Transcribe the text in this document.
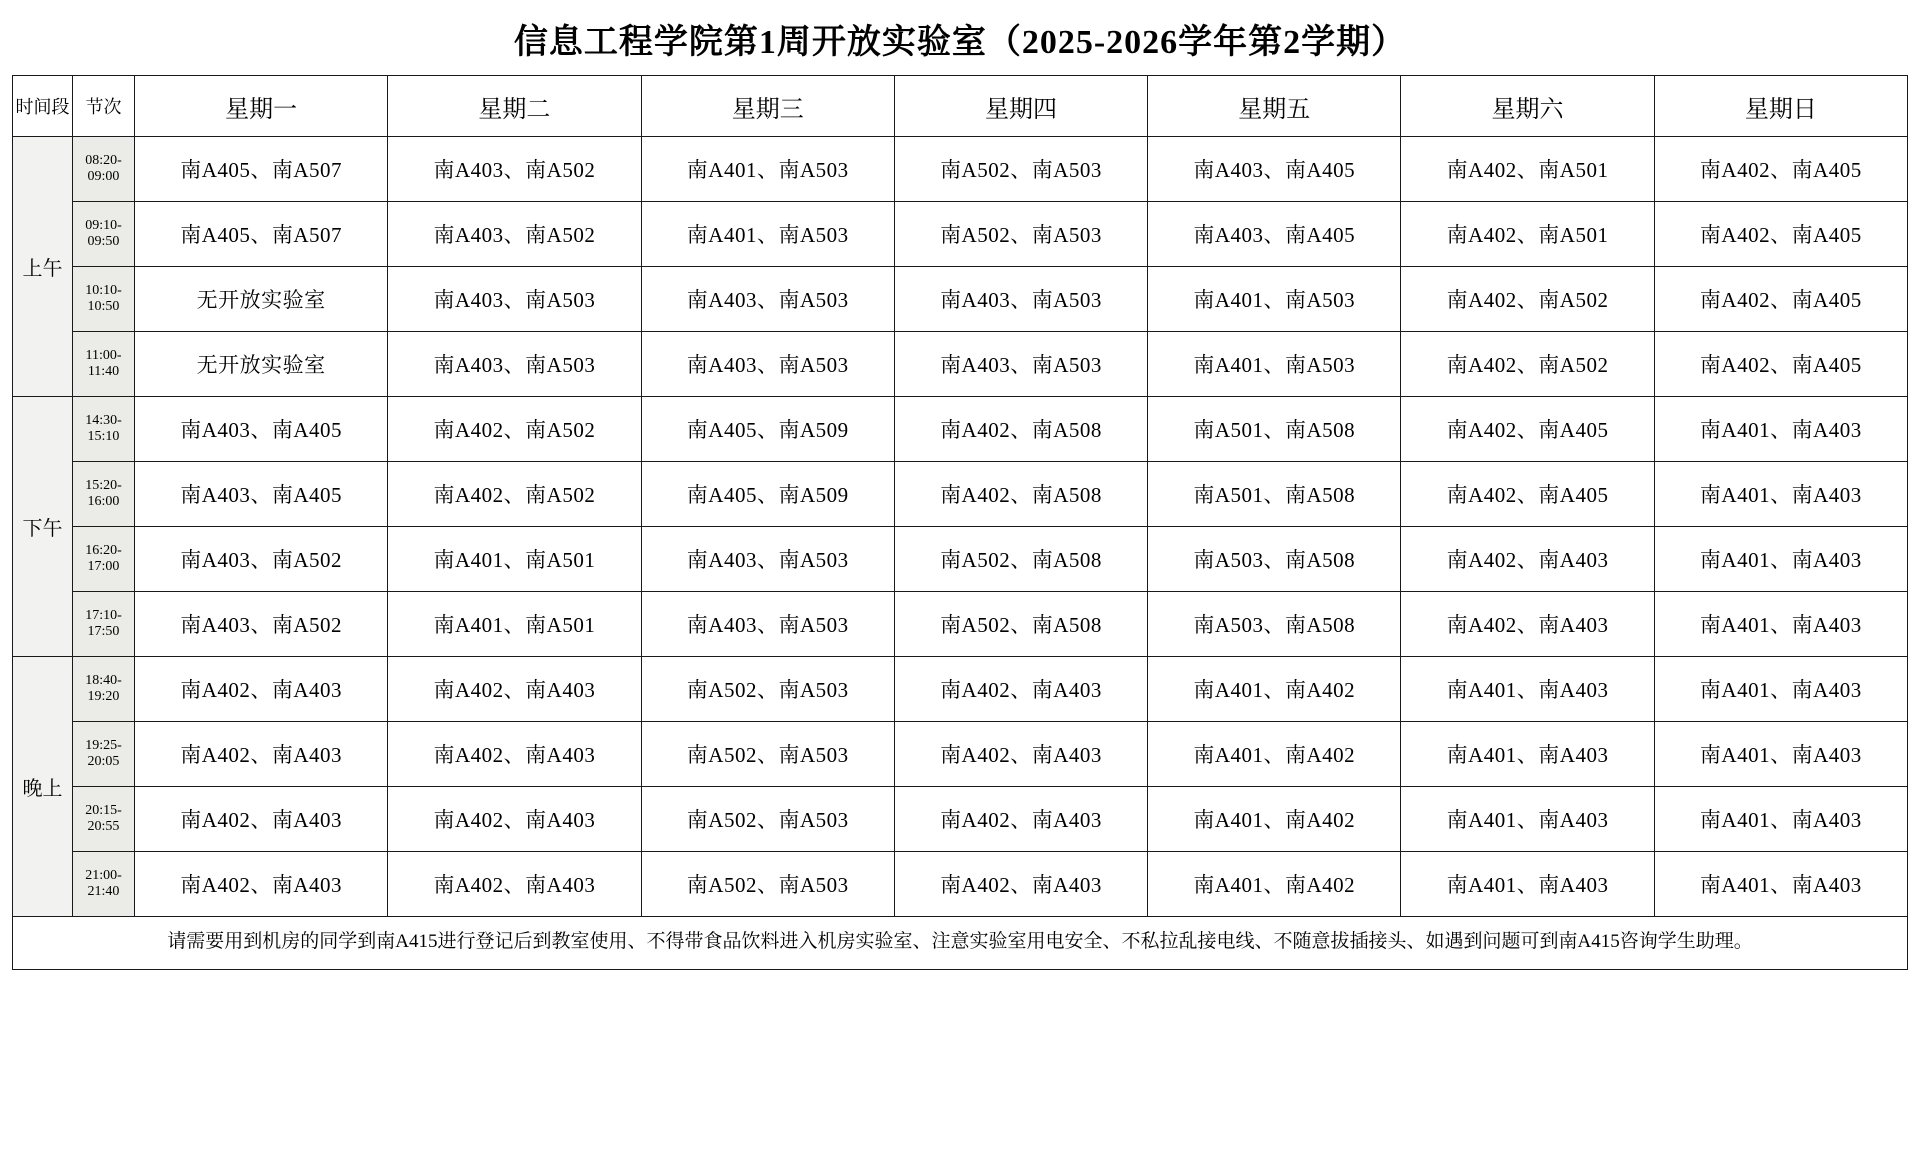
信息工程学院第1周开放实验室（2025-2026学年第2学期）
时间段	节次	星期一	星期二	星期三	星期四	星期五	星期六	星期日
上午	08:20-
09:00	南A405、南A507	南A403、南A502	南A401、南A503	南A502、南A503	南A403、南A405	南A402、南A501	南A402、南A405
	09:10-
09:50	南A405、南A507	南A403、南A502	南A401、南A503	南A502、南A503	南A403、南A405	南A402、南A501	南A402、南A405
	10:10-
10:50	无开放实验室	南A403、南A503	南A403、南A503	南A403、南A503	南A401、南A503	南A402、南A502	南A402、南A405
	11:00-
11:40	无开放实验室	南A403、南A503	南A403、南A503	南A403、南A503	南A401、南A503	南A402、南A502	南A402、南A405
下午	14:30-
15:10	南A403、南A405	南A402、南A502	南A405、南A509	南A402、南A508	南A501、南A508	南A402、南A405	南A401、南A403
	15:20-
16:00	南A403、南A405	南A402、南A502	南A405、南A509	南A402、南A508	南A501、南A508	南A402、南A405	南A401、南A403
	16:20-
17:00	南A403、南A502	南A401、南A501	南A403、南A503	南A502、南A508	南A503、南A508	南A402、南A403	南A401、南A403
	17:10-
17:50	南A403、南A502	南A401、南A501	南A403、南A503	南A502、南A508	南A503、南A508	南A402、南A403	南A401、南A403
晚上	18:40-
19:20	南A402、南A403	南A402、南A403	南A502、南A503	南A402、南A403	南A401、南A402	南A401、南A403	南A401、南A403
	19:25-
20:05	南A402、南A403	南A402、南A403	南A502、南A503	南A402、南A403	南A401、南A402	南A401、南A403	南A401、南A403
	20:15-
20:55	南A402、南A403	南A402、南A403	南A502、南A503	南A402、南A403	南A401、南A402	南A401、南A403	南A401、南A403
	21:00-
21:40	南A402、南A403	南A402、南A403	南A502、南A503	南A402、南A403	南A401、南A402	南A401、南A403	南A401、南A403
请需要用到机房的同学到南A415进行登记后到教室使用、不得带食品饮料进入机房实验室、注意实验室用电安全、不私拉乱接电线、不随意拔插接头、如遇到问题可到南A415咨询学生助理。
